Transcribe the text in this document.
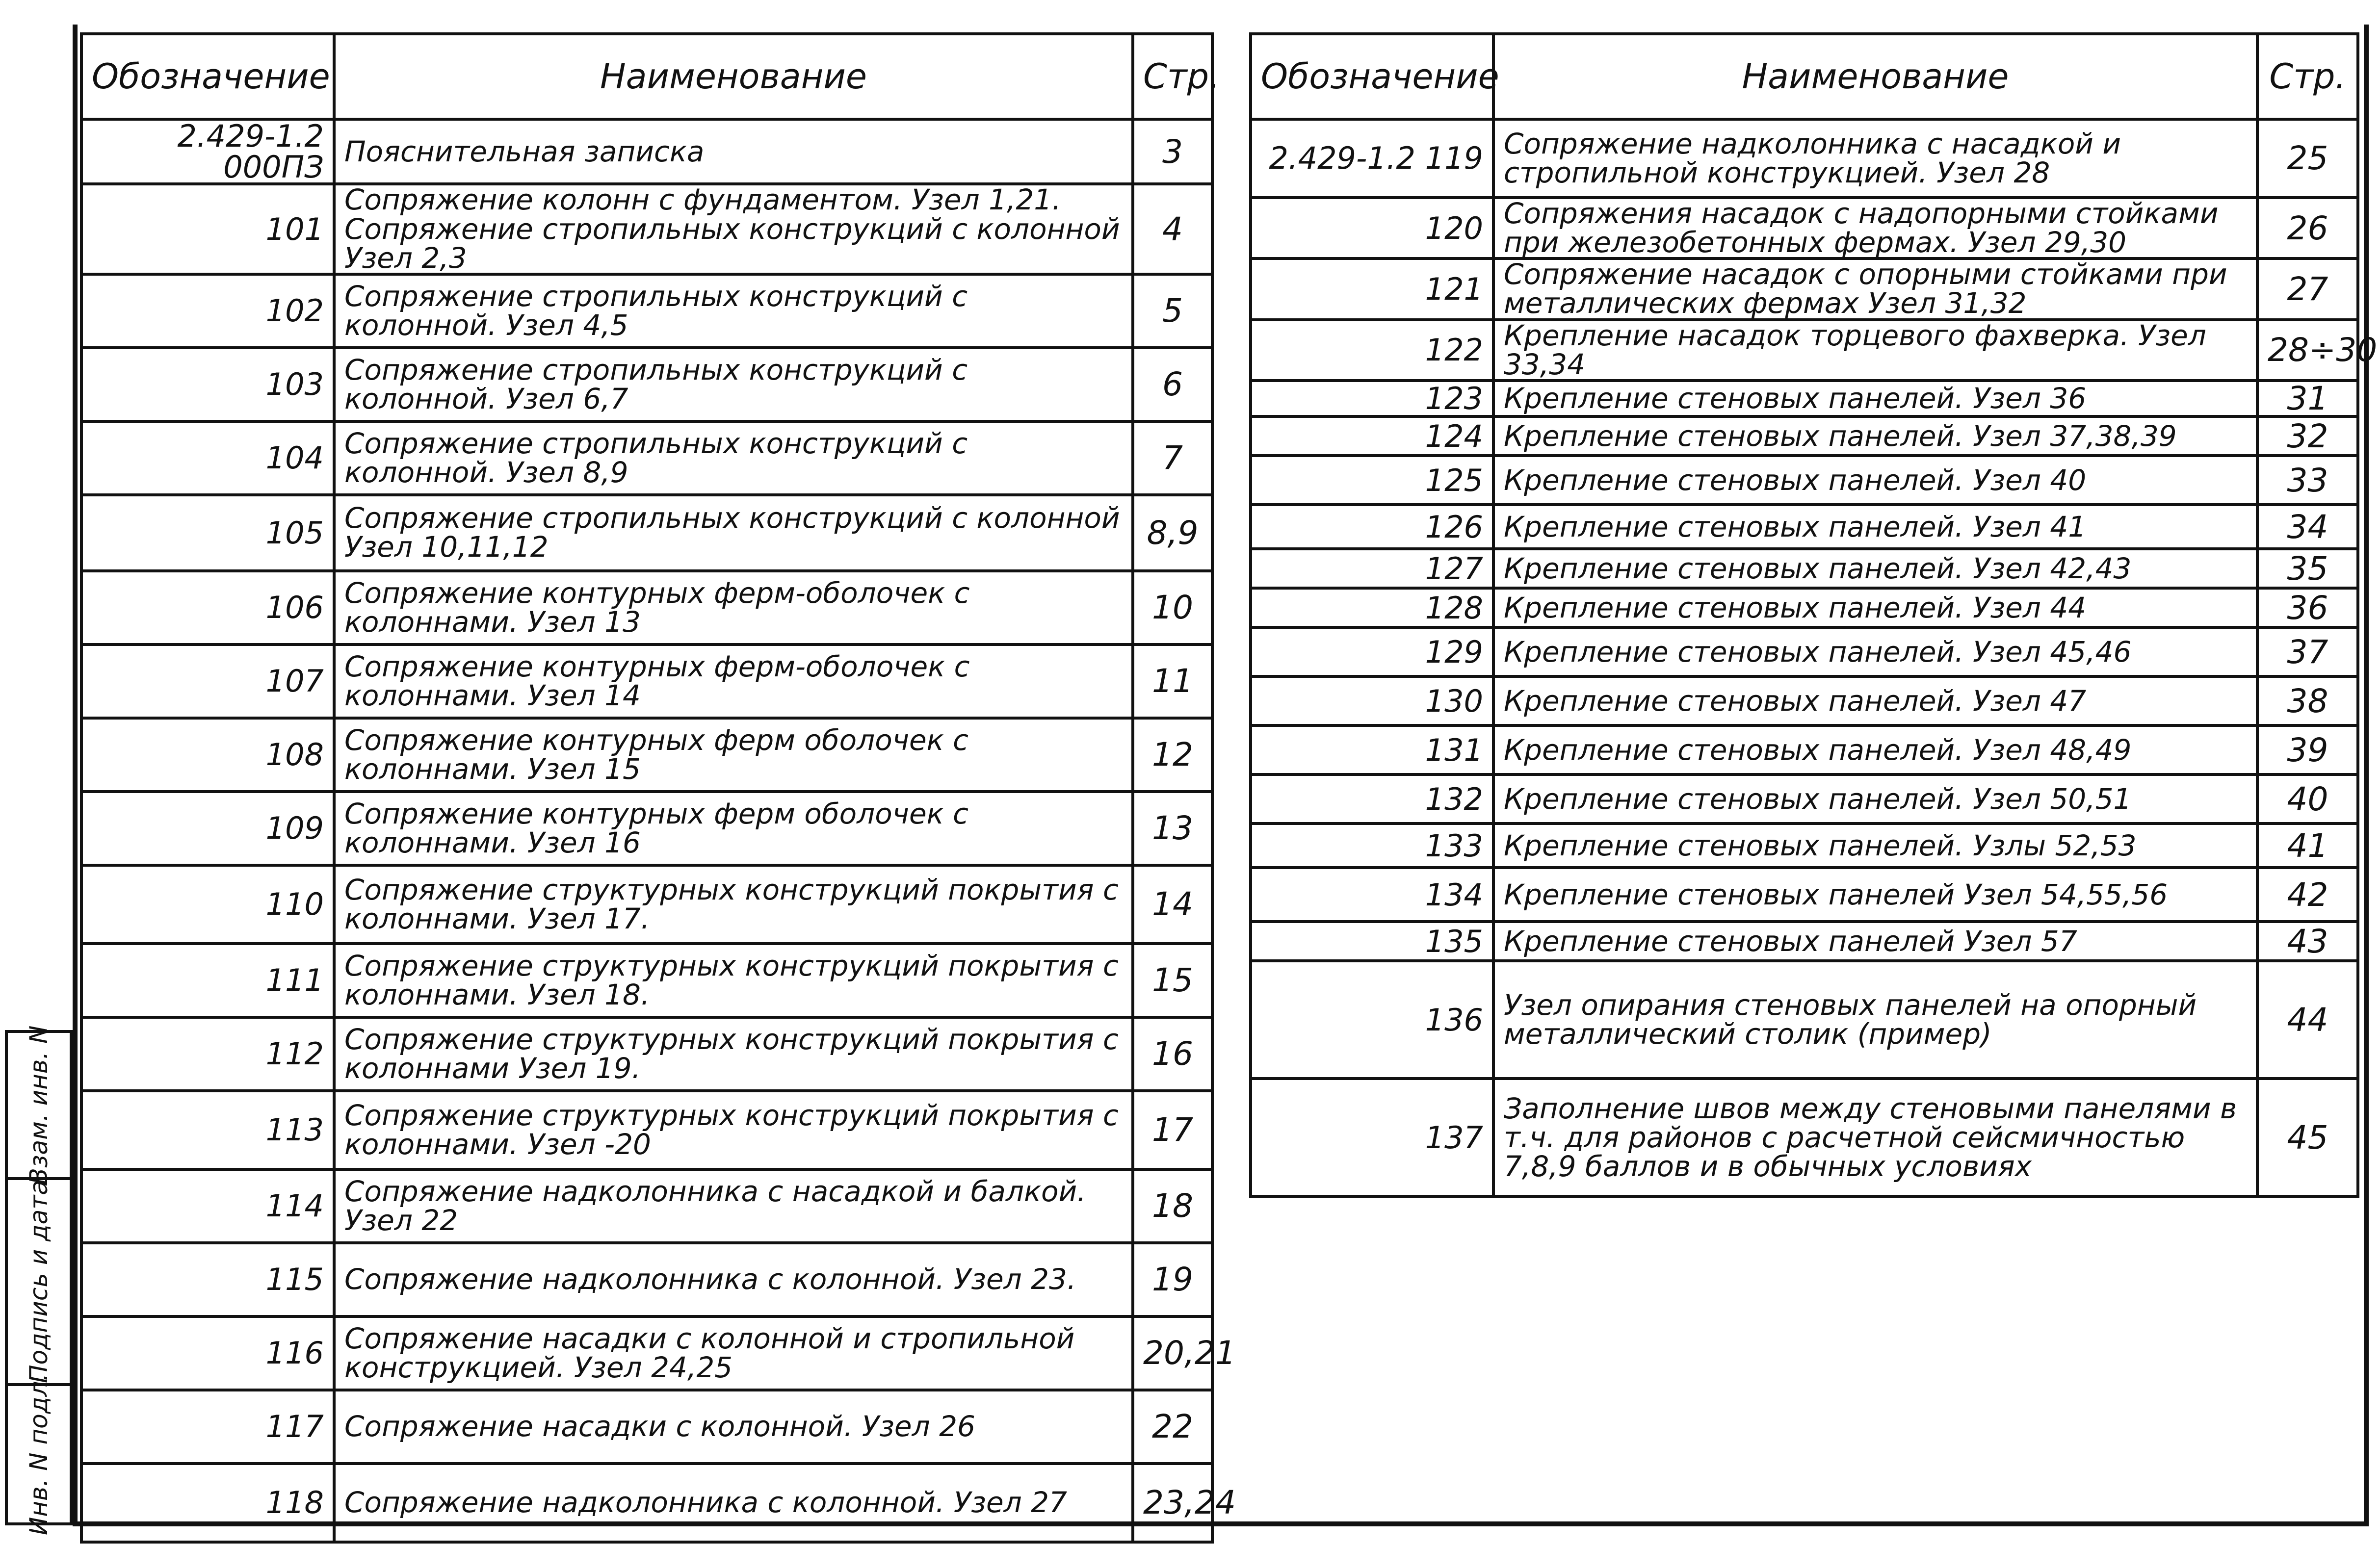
Взам. инв. N
Подпись и дата
Инв. N подл.
Обозначение	Наименование	Стр.
2.429-1.2 000ПЗ	Пояснительная записка	3
101	Сопряжение колонн с фундаментом. Узел 1,21. Сопряжение стропильных конструкций с колонной Узел 2,3	4
102	Сопряжение стропильных конструкций с колонной. Узел 4,5	5
103	Сопряжение стропильных конструкций с колонной. Узел 6,7	6
104	Сопряжение стропильных конструкций с колонной. Узел 8,9	7
105	Сопряжение стропильных конструкций с колонной Узел 10,11,12	8,9
106	Сопряжение контурных ферм-оболочек с колоннами. Узел 13	10
107	Сопряжение контурных ферм-оболочек с колоннами. Узел 14	11
108	Сопряжение контурных ферм оболочек с колоннами. Узел 15	12
109	Сопряжение контурных ферм оболочек с колоннами. Узел 16	13
110	Сопряжение структурных конструкций покрытия с колоннами. Узел 17.	14
111	Сопряжение структурных конструкций покрытия с колоннами. Узел 18.	15
112	Сопряжение структурных конструкций покрытия с колоннами Узел 19.	16
113	Сопряжение структурных конструкций покрытия с колоннами. Узел -20	17
114	Сопряжение надколонника с насадкой и балкой. Узел 22	18
115	Сопряжение надколонника с колонной. Узел 23.	19
116	Сопряжение насадки с колонной и стропильной конструкцией. Узел 24,25	20,21
117	Сопряжение насадки с колонной. Узел 26	22
118	Сопряжение надколонника с колонной. Узел 27	23,24
Обозначение	Наименование	Стр.
2.429-1.2 119	Сопряжение надколонника с насадкой и стропильной конструкцией. Узел 28	25
120	Сопряжения насадок с надопорными стойками при железобетонных фермах. Узел 29,30	26
121	Сопряжение насадок с опорными стойками при металлических фермах Узел 31,32	27
122	Крепление насадок торцевого фахверка. Узел 33,34	28÷30
123	Крепление стеновых панелей. Узел 36	31
124	Крепление стеновых панелей. Узел 37,38,39	32
125	Крепление стеновых панелей. Узел 40	33
126	Крепление стеновых панелей. Узел 41	34
127	Крепление стеновых панелей. Узел 42,43	35
128	Крепление стеновых панелей. Узел 44	36
129	Крепление стеновых панелей. Узел 45,46	37
130	Крепление стеновых панелей. Узел 47	38
131	Крепление стеновых панелей. Узел 48,49	39
132	Крепление стеновых панелей. Узел 50,51	40
133	Крепление стеновых панелей. Узлы 52,53	41
134	Крепление стеновых панелей Узел 54,55,56	42
135	Крепление стеновых панелей Узел 57	43
136	Узел опирания стеновых панелей на опорный металлический столик (пример)	44
137	Заполнение швов между стеновыми панелями в т.ч. для районов с расчетной сейсмичностью 7,8,9 баллов и в обычных условиях	45
